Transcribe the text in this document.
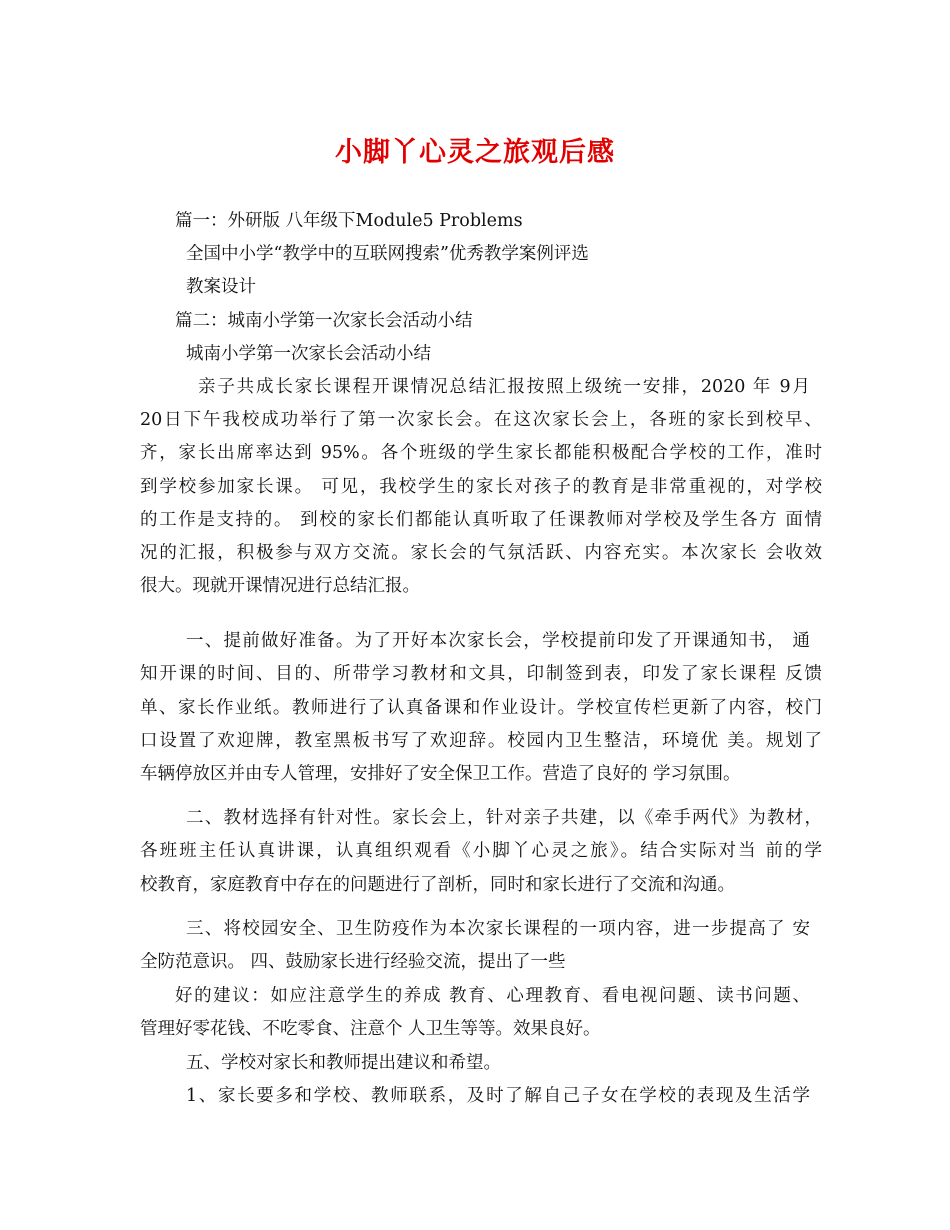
小脚丫心灵之旅观后感
篇一：外研版 八年级下Module5 Problems
全国中小学“教学中的互联网搜索”优秀教学案例评选
教案设计
篇二：城南小学第一次家长会活动小结
城南小学第一次家长会活动小结
亲子共成长家长课程开课情况总结汇报按照上级统一安排，2020 年 9月
20日下午我校成功举行了第一次家长会。在这次家长会上，各班的家长到校早、
齐，家长出席率达到 95%。各个班级的学生家长都能积极配合学校的工作，准时
到学校参加家长课。 可见，我校学生的家长对孩子的教育是非常重视的，对学校
的工作是支持的。 到校的家长们都能认真听取了任课教师对学校及学生各方 面情
况的汇报，积极参与双方交流。家长会的气氛活跃、内容充实。本次家长 会收效
很大。现就开课情况进行总结汇报。
一、提前做好准备。为了开好本次家长会，学校提前印发了开课通知书， 通
知开课的时间、目的、所带学习教材和文具，印制签到表，印发了家长课程 反馈
单、家长作业纸。教师进行了认真备课和作业设计。学校宣传栏更新了内容，校门
口设置了欢迎牌，教室黑板书写了欢迎辞。校园内卫生整洁，环境优 美。规划了
车辆停放区并由专人管理，安排好了安全保卫工作。营造了良好的 学习氛围。
二、教材选择有针对性。家长会上，针对亲子共建，以《牵手两代》为教材，
各班班主任认真讲课，认真组织观看《小脚丫心灵之旅》。结合实际对当 前的学
校教育，家庭教育中存在的问题进行了剖析，同时和家长进行了交流和沟通。
三、将校园安全、卫生防疫作为本次家长课程的一项内容，进一步提高了 安
全防范意识。 四、鼓励家长进行经验交流，提出了一些
好的建议：如应注意学生的养成 教育、心理教育、看电视问题、读书问题、
管理好零花钱、不吃零食、注意个 人卫生等等。效果良好。
五、学校对家长和教师提出建议和希望。
1、家长要多和学校、教师联系，及时了解自己子女在学校的表现及生活学
